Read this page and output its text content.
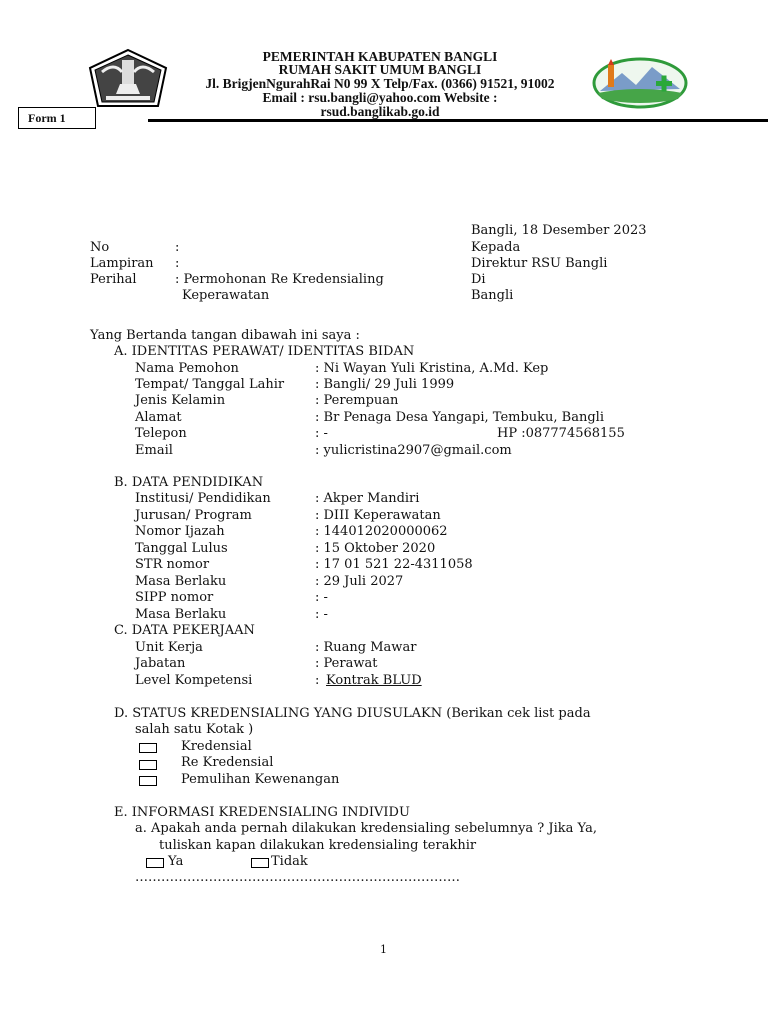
PEMERINTAH KABUPATEN BANGLI
RUMAH SAKIT UMUM BANGLI
Jl. BrigjenNgurahRai N0 99 X Telp/Fax. (0366) 91521, 91002
Email : rsu.bangli@yahoo.com Website :
rsud.banglikab.go.id
Form 1
Bangli, 18 Desember 2023
Kepada
Direktur RSU Bangli
Di
Bangli
No	:
Lampiran :
Perihal	: Permohonan Re Kredensialing
Keperawatan
Yang Bertanda tangan dibawah ini saya :
A. IDENTITAS PERAWAT/ IDENTITAS BIDAN
Nama Pemohon	: Ni Wayan Yuli Kristina, A.Md. Kep
Tempat/ Tanggal Lahir : Bangli/ 29 Juli 1999
Jenis Kelamin	: Perempuan
Alamat	: Br Penaga Desa Yangapi, Tembuku, Bangli
Telepon	: -	HP :087774568155
Email	: yulicristina2907@gmail.com
B. DATA PENDIDIKAN
Institusi/ Pendidikan	: Akper Mandiri
Jurusan/ Program	: DIII Keperawatan
Nomor Ijazah	: 144012020000062
Tanggal Lulus	: 15 Oktober 2020
STR nomor	: 17 01 521 22-4311058
Masa Berlaku	: 29 Juli 2027
SIPP nomor	: -
Masa Berlaku	: -
C. DATA PEKERJAAN
Unit Kerja	: Ruang Mawar
Jabatan	: Perawat
Level Kompetensi	: Kontrak BLUD
D. STATUS KREDENSIALING YANG DIUSULAKN (Berikan cek list pada
salah satu Kotak )
Kredensial
Re Kredensial
Pemulihan Kewenangan
E. INFORMASI KREDENSIALING INDIVIDU
a. Apakah anda pernah dilakukan kredensialing sebelumnya ? Jika Ya,
tuliskan kapan dilakukan kredensialing terakhir
Ya	Tidak
…………………………………………………………………
1
